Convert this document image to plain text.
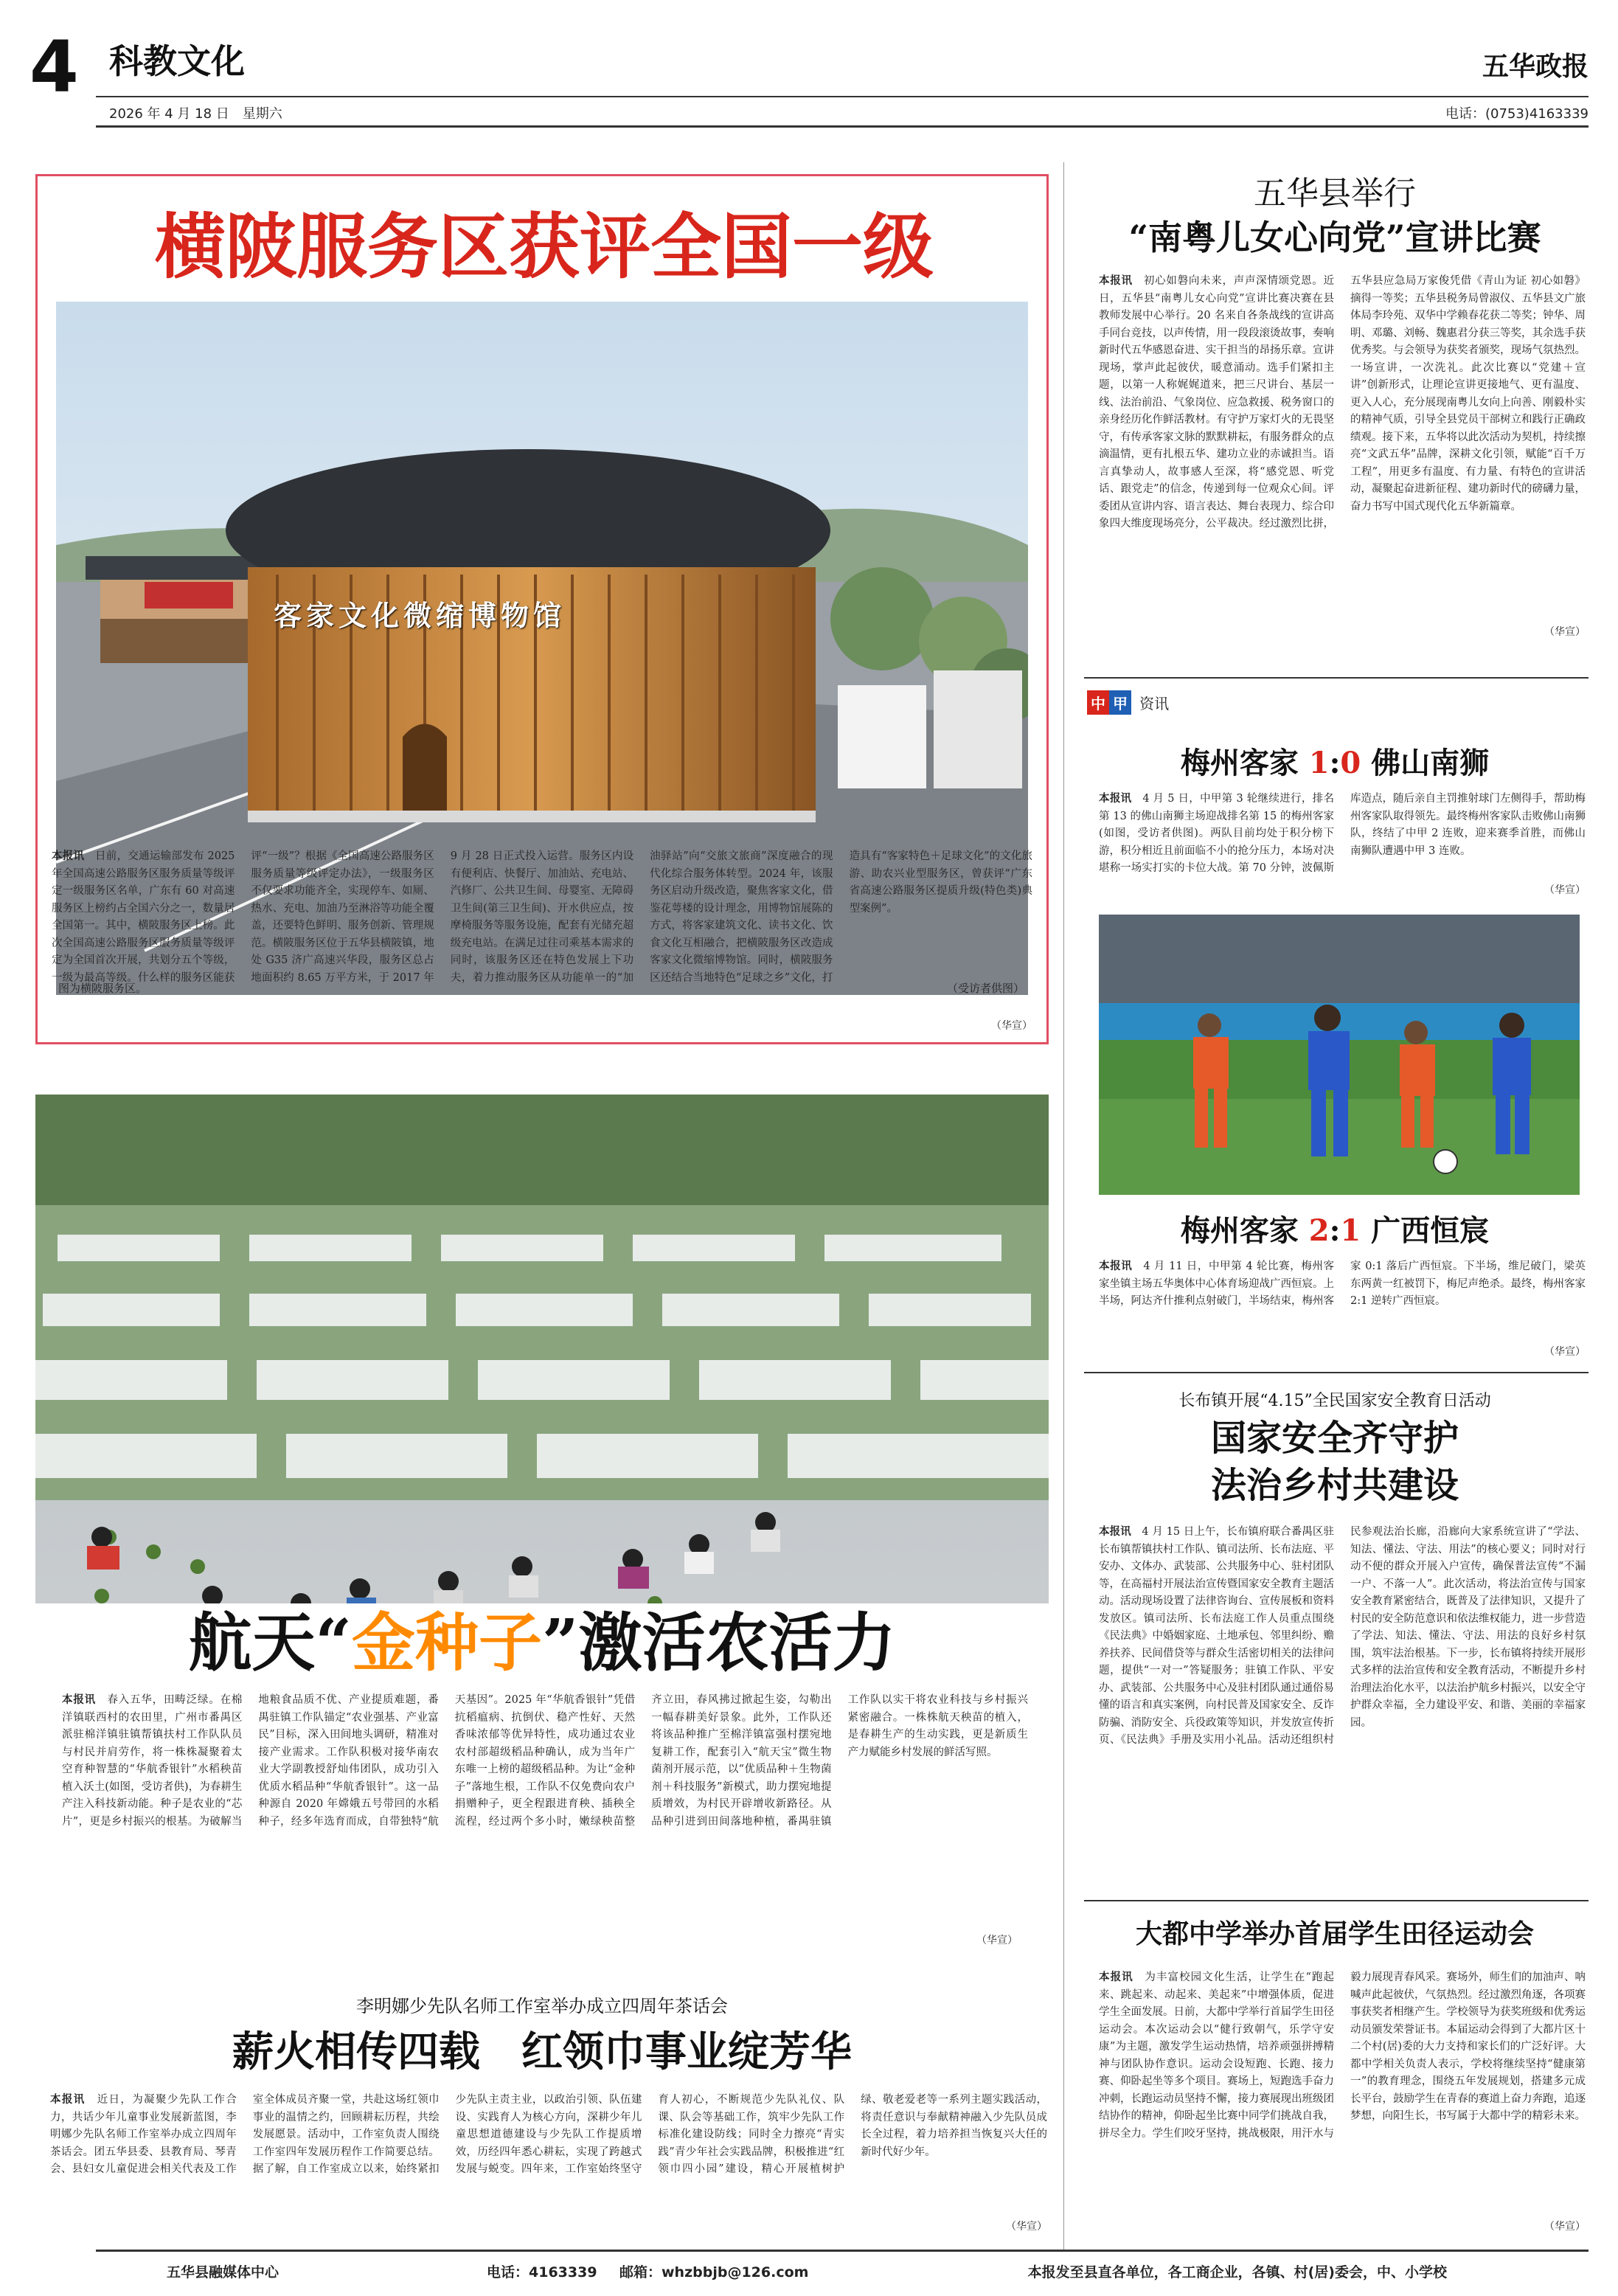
4 科教文化
2026 年 4 月 18 日　星期六
五华政报
电话：(0753)4163339
横陂服务区获评全国一级
客家文化微缩博物馆
图为横陂服务区。	（受访者供图）
本报讯　 日前，交通运输部发布 2025 年全国高速公路服务区服务质量等级评定一级服务区名单，广东有 60 对高速服务区上榜约占全国六分之一，数量居全国第一。其中，横陂服务区上榜。此次全国高速公路服务区服务质量等级评定为全国首次开展，共划分五个等级，一级为最高等级。什么样的服务区能获评“一级”？根据《全国高速公路服务区服务质量等级评定办法》，一级服务区不仅要求功能齐全，实现停车、如厕、热水、充电、加油乃至淋浴等功能全覆盖，还要特色鲜明、服务创新、管理规范。横陂服务区位于五华县横陂镇，地处 G35 济广高速兴华段，服务区总占地面积约 8.65 万平方米，于 2017 年 9 月 28 日正式投入运营。服务区内设有便利店、快餐厅、加油站、充电站、汽修厂、公共卫生间、母婴室、无障碍卫生间(第三卫生间)、开水供应点，按摩椅服务等服务设施，配套有光储充超级充电站。在满足过往司乘基本需求的同时，该服务区还在特色发展上下功夫，着力推动服务区从功能单一的“加油驿站”向“交旅文旅商”深度融合的现代化综合服务体转型。2024 年，该服务区启动升级改造，聚焦客家文化，借鉴花萼楼的设计理念，用博物馆展陈的方式，将客家建筑文化、读书文化、饮食文化互相融合，把横陂服务区改造成客家文化微缩博物馆。同时，横陂服务区还结合当地特色“足球之乡”文化，打造具有“客家特色＋足球文化”的文化旅游、助农兴业型服务区，曾获评“广东省高速公路服务区提质升级(特色类)典型案例”。
（华宣）
航天“金种子”激活农活力
本报讯　 春入五华，田畴泛绿。在棉洋镇联西村的农田里，广州市番禺区派驻棉洋镇驻镇帮镇扶村工作队队员与村民并肩劳作，将一株株凝聚着太空育种智慧的“华航香银针”水稻秧苗植入沃土(如图，受访者供)，为春耕生产注入科技新动能。种子是农业的“芯片”，更是乡村振兴的根基。为破解当地粮食品质不优、产业提质难题，番禺驻镇工作队锚定“农业强基、产业富民”目标，深入田间地头调研，精准对接产业需求。工作队积极对接华南农业大学副教授舒灿伟团队，成功引入优质水稻品种“华航香银针”。这一品种源自 2020 年嫦娥五号带回的水稻种子，经多年选育而成，自带独特“航天基因”。2025 年“华航香银针”凭借抗稻瘟病、抗倒伏、稳产性好、天然香味浓郁等优异特性，成功通过农业农村部超级稻品种确认，成为当年广东唯一上榜的超级稻品种。为让“金种子”落地生根，工作队不仅免费向农户捐赠种子，更全程跟进育秧、插秧全流程，经过两个多小时，嫩绿秧苗整齐立田，春风拂过掀起生姿，勾勒出一幅春耕美好景象。此外，工作队还将该品种推广至棉洋镇富强村摆宛地复耕工作，配套引入“航天宝”微生物菌剂开展示范，以“优质品种＋生物菌剂＋科技服务”新模式，助力摆宛地提质增效，为村民开辟增收新路径。从品种引进到田间落地种植，番禺驻镇工作队以实干将农业科技与乡村振兴紧密融合。一株株航天秧苗的植入，是春耕生产的生动实践，更是新质生产力赋能乡村发展的鲜活写照。
（华宣）
李明娜少先队名师工作室举办成立四周年茶话会
薪火相传四载　红领巾事业绽芳华
本报讯　 近日，为凝聚少先队工作合力，共话少年儿童事业发展新蓝图，李明娜少先队名师工作室举办成立四周年茶话会。团五华县委、县教育局、琴青会、县妇女儿童促进会相关代表及工作室全体成员齐聚一堂，共赴这场红领巾事业的温情之约，回顾耕耘历程，共绘发展愿景。活动中，工作室负责人围绕工作室四年发展历程作工作简要总结。据了解，自工作室成立以来，始终紧扣少先队主责主业，以政治引领、队伍建设、实践育人为核心方向，深耕少年儿童思想道德建设与少先队工作提质增效，历经四年悉心耕耘，实现了跨越式发展与蜕变。四年来，工作室始终坚守育人初心，不断规范少先队礼仪、队课、队会等基础工作，筑牢少先队工作标准化建设防线；同时全力擦亮“青实践”青少年社会实践品牌，积极推进“红领巾四小园”建设，精心开展植树护绿、敬老爱老等一系列主题实践活动，将责任意识与奉献精神融入少先队员成长全过程，着力培养担当恢复兴大任的新时代好少年。
（华宣）
五华县举行
“南粤儿女心向党”宣讲比赛
本报讯　 初心如磐向未来，声声深情颂党恩。近日，五华县“南粤儿女心向党”宣讲比赛决赛在县教师发展中心举行。20 名来自各条战线的宣讲高手同台竞技，以声传情，用一段段滚烫故事，奏响新时代五华感恩奋进、实干担当的昂扬乐章。宣讲现场，掌声此起彼伏，暖意涌动。选手们紧扣主题，以第一人称娓娓道来，把三尺讲台、基层一线、法治前沿、气象岗位、应急救援、税务窗口的亲身经历化作鲜活教材。有守护万家灯火的无畏坚守，有传承客家文脉的默默耕耘，有服务群众的点滴温情，更有扎根五华、建功立业的赤诚担当。语言真挚动人，故事感人至深，将“感党恩、听党话、跟党走”的信念，传递到每一位观众心间。评委团从宣讲内容、语言表达、舞台表现力、综合印象四大维度现场亮分，公平裁决。经过激烈比拼，五华县应急局万家俊凭借《青山为证 初心如磐》摘得一等奖；五华县税务局曾淑仪、五华县文广旅体局李玲苑、双华中学赖春花获二等奖；钟华、周明、邓璐、刘畅、魏惠君分获三等奖，其余选手获优秀奖。与会领导为获奖者颁奖，现场气氛热烈。一场宣讲，一次洗礼。此次比赛以“党建＋宣讲”创新形式，让理论宣讲更接地气、更有温度、更入人心，充分展现南粤儿女向上向善、刚毅朴实的精神气质，引导全县党员干部树立和践行正确政绩观。接下来，五华将以此次活动为契机，持续擦亮“文武五华”品牌，深耕文化引领，赋能“百千万工程”，用更多有温度、有力量、有特色的宣讲活动，凝聚起奋进新征程、建功新时代的磅礴力量，奋力书写中国式现代化五华新篇章。
（华宣）
中 甲 资讯
梅州客家 1:0 佛山南狮
本报讯　 4 月 5 日，中甲第 3 轮继续进行，排名第 13 的佛山南狮主场迎战排名第 15 的梅州客家(如图，受访者供图)。两队目前均处于积分榜下游，积分相近且前面临不小的抢分压力，本场对决堪称一场实打实的卡位大战。第 70 分钟，波佩斯库造点，随后亲自主罚推射球门左侧得手，帮助梅州客家队取得领先。最终梅州客家队击败佛山南狮队，终结了中甲 2 连败，迎来赛季首胜，而佛山南狮队遭遇中甲 3 连败。
（华宣）
梅州客家 2:1 广西恒宸
本报讯　 4 月 11 日，中甲第 4 轮比赛，梅州客家坐镇主场五华奥体中心体育场迎战广西恒宸。上半场，阿达齐什推利点射破门，半场结束，梅州客家 0:1 落后广西恒宸。下半场，维尼破门，梁英东两黄一红被罚下，梅尼声绝杀。最终，梅州客家 2:1 逆转广西恒宸。
（华宣）
长布镇开展“4.15”全民国家安全教育日活动
国家安全齐守护
法治乡村共建设
本报讯　 4 月 15 日上午，长布镇府联合番禺区驻长布镇帮镇扶村工作队、镇司法所、长布法庭、平安办、文体办、武装部、公共服务中心、驻村团队等，在高福村开展法治宣传暨国家安全教育主题活动。活动现场设置了法律咨询台、宣传展板和资料发放区。镇司法所、长布法庭工作人员重点围绕《民法典》中婚姻家庭、土地承包、邻里纠纷、赡养扶养、民间借贷等与群众生活密切相关的法律问题，提供“一对一”答疑服务；驻镇工作队、平安办、武装部、公共服务中心及驻村团队通过通俗易懂的语言和真实案例，向村民普及国家安全、反诈防骗、消防安全、兵役政策等知识，并发放宣传折页、《民法典》手册及实用小礼品。活动还组织村民参观法治长廊，沿廊向大家系统宣讲了“学法、知法、懂法、守法、用法”的核心要义；同时对行动不便的群众开展入户宣传，确保普法宣传“不漏一户、不落一人”。此次活动，将法治宣传与国家安全教育紧密结合，既普及了法律知识，又提升了村民的安全防范意识和依法维权能力，进一步营造了学法、知法、懂法、守法、用法的良好乡村氛围，筑牢法治根基。下一步，长布镇将持续开展形式多样的法治宣传和安全教育活动，不断提升乡村治理法治化水平，以法治护航乡村振兴，以安全守护群众幸福，全力建设平安、和谐、美丽的幸福家园。
大都中学举办首届学生田径运动会
本报讯　 为丰富校园文化生活，让学生在“跑起来、跳起来、动起来、美起来”中增强体质，促进学生全面发展。日前，大都中学举行首届学生田径运动会。本次运动会以“健行致朝气，乐学守安康”为主题，激发学生运动热情，培养顽强拼搏精神与团队协作意识。运动会设短跑、长跑、接力赛、仰卧起坐等多个项目。赛场上，短跑选手奋力冲刺，长跑运动员坚持不懈，接力赛展现出班级团结协作的精神，仰卧起坐比赛中同学们挑战自我，拼尽全力。学生们咬牙坚持，挑战极限，用汗水与毅力展现青春风采。赛场外，师生们的加油声、呐喊声此起彼伏，气氛热烈。经过激烈角逐，各项赛事获奖者相继产生。学校领导为获奖班级和优秀运动员颁发荣誉证书。本届运动会得到了大都片区十二个村(居)委的大力支持和家长们的广泛好评。大都中学相关负责人表示，学校将继续坚持“健康第一”的教育理念，围绕五年发展规划，搭建多元成长平台，鼓励学生在青春的赛道上奋力奔跑，追逐梦想，向阳生长，书写属于大都中学的精彩未来。
（华宣）
五华县融媒体中心	电话：4163339 邮箱：whzbbjb@126.com	本报发至县直各单位，各工商企业，各镇、村(居)委会，中、小学校
